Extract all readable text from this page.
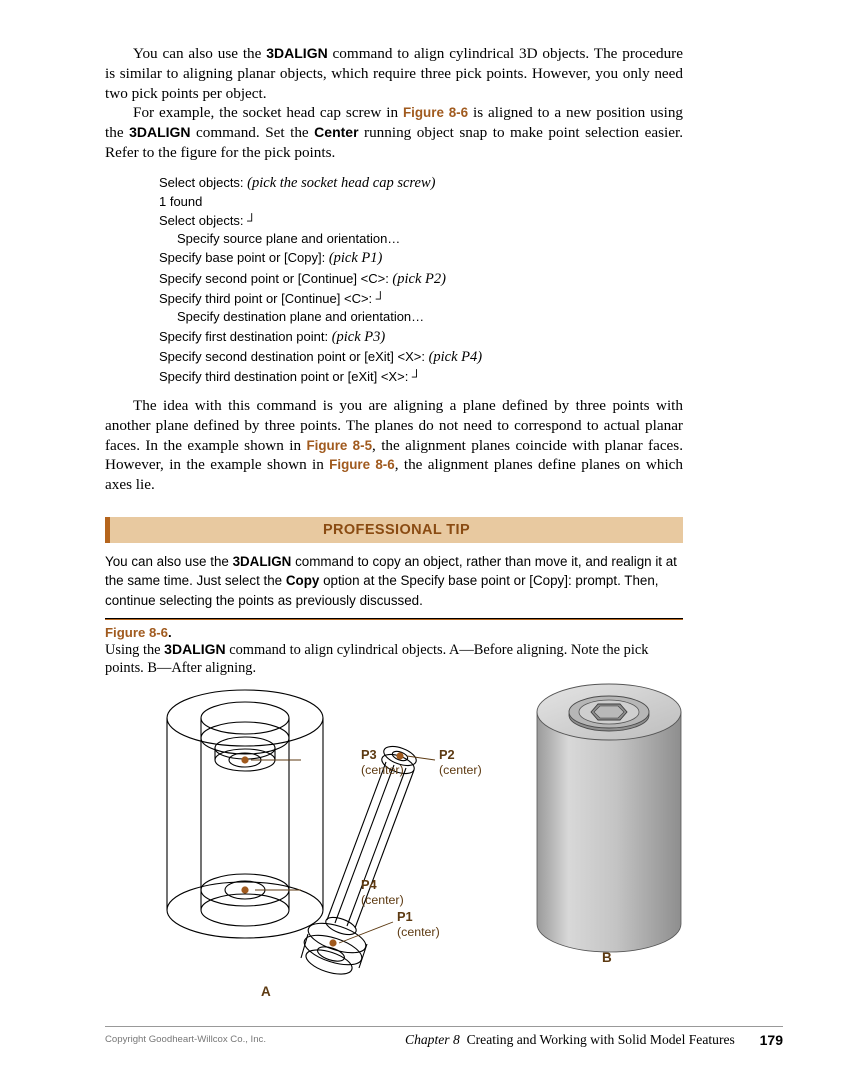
You can also use the 3DALIGN command to align cylindrical 3D objects. The procedure is similar to aligning planar objects, which require three pick points. However, you only need two pick points per object.

For example, the socket head cap screw in Figure 8-6 is aligned to a new position using the 3DALIGN command. Set the Center running object snap to make point selection easier. Refer to the figure for the pick points.

Select objects: (pick the socket head cap screw)
1 found
Select objects: ┘
Specify source plane and orientation…
Specify base point or [Copy]: (pick P1)
Specify second point or [Continue] <C>: (pick P2)
Specify third point or [Continue] <C>: ┘
Specify destination plane and orientation…
Specify first destination point: (pick P3)
Specify second destination point or [eXit] <X>: (pick P4)
Specify third destination point or [eXit] <X>: ┘

The idea with this command is you are aligning a plane defined by three points with another plane defined by three points. The planes do not need to correspond to actual planar faces. In the example shown in Figure 8-5, the alignment planes coincide with planar faces. However, in the example shown in Figure 8-6, the alignment planes define planes on which axes lie.

PROFESSIONAL TIP
You can also use the 3DALIGN command to copy an object, rather than move it, and realign it at the same time. Just select the Copy option at the Specify base point or [Copy]: prompt. Then, continue selecting the points as previously discussed.
Figure 8-6.
Using the 3DALIGN command to align cylindrical objects. A—Before aligning. Note the pick points. B—After aligning.
P3
(center)
P4
(center)
P2
(center)
P1
(center)
A
B
Copyright Goodheart-Willcox Co., Inc.	Chapter 8 Creating and Working with Solid Model Features 179
